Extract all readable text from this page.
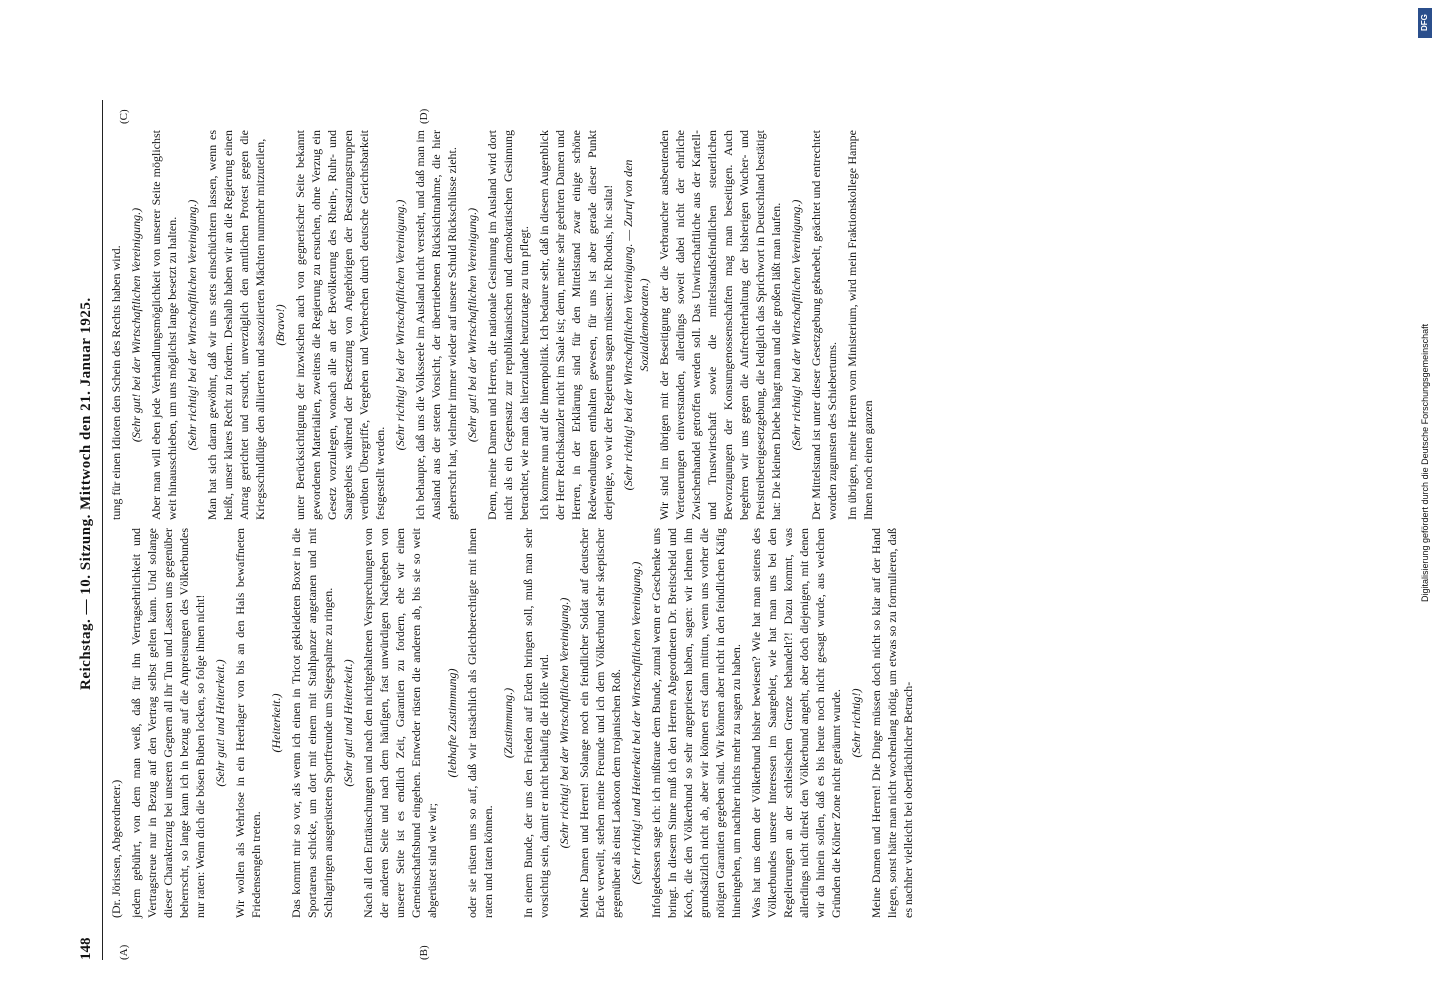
148
Reichstag. — 10. Sitzung. Mittwoch den 21. Januar 1925.
(A)	(B)
(C)	(D)

(Dr. Jörissen, Abgeordneter.) jedem gebührt, von dem man weiß, daß für ihn Vertragsehrlichkeit und Vertragstreue nur in Bezug auf den Vertrag selbst gelten kann. Und solange dieser Charakterzug bei unseren Gegnern all ihr Tun und Lassen uns gegenüber beherrscht, so lange kann ich in bezug auf die Anpreisungen des Völkerbundes nur raten: Wenn dich die bösen Buben locken, so folge ihnen nicht! (Sehr gut! und Heiterkeit.) Wir wollen als Wehrlose in ein Heerlager von bis an den Hals bewaffneten Friedensengeln treten.

(Heiterkeit.) Das kommt mir so vor, als wenn ich einen in Tricot gekleideten Boxer in die Sportarena schicke, um dort mit einem mit Stahlpanzer angetanen und mit Schlagringen ausgerüsteten Sportfreunde um Siegespalme zu ringen. (Sehr gut! und Heiterkeit.) Nach all den Enttäuschungen und nach den nichtgehaltenen Versprechungen von der anderen Seite und nach dem häufigen, fast unwürdigen Nachgeben von unserer Seite ist es endlich Zeit, Garantien zu fordern, ehe wir einen Gemeinschaftsbund eingehen. Entweder rüsten die anderen ab, bis sie so weit abgerüstet sind wie wir;

(lebhafte Zustimmung) oder sie rüsten uns so auf, daß wir tatsächlich als Gleichberechtigte mit ihnen raten und taten können.

(Zustimmung.) In einem Bunde, der uns den Frieden auf Erden bringen soll, muß man sehr vorsichtig sein, damit er nicht beiläufig die Hölle wird. (Sehr richtig! bei der Wirtschaftlichen Vereinigung.) Meine Damen und Herren! Solange noch ein feindlicher Soldat auf deutscher Erde verweilt, stehen meine Freunde und ich dem Völkerbund sehr skeptischer gegenüber als einst Laokoon dem trojanischen Roß. (Sehr richtig! und Heiterkeit bei der Wirtschaftlichen Vereinigung.) Infolgedessen sage ich: ich mißtraue dem Bunde, zumal wenn er Geschenke uns bringt. In diesem Sinne muß ich den Herren Abgeordneten Dr. Breitscheid und Koch, die den Völkerbund so sehr angepriesen haben, sagen: wir lehnen ihn grundsätzlich nicht ab, aber wir können erst dann mittun, wenn uns vorher die nötigen Garantien gegeben sind. Wir können aber nicht in den feindlichen Käfig hineingehen, um nachher nichts mehr zu sagen zu haben. Was hat uns denn der Völkerbund bisher bewiesen? Wie hat man seitens des Völkerbundes unsere Interessen im Saargebiet, wie hat man uns bei den Regelierungen an der schlesischen Grenze behandelt?! Dazu kommt, was allerdings nicht direkt den Völkerbund angeht, aber doch diejenigen, mit denen wir da hinein sollen, daß es bis heute noch nicht gesagt wurde, aus welchen Gründen die Kölner Zone nicht geräumt wurde. (Sehr richtig!) Meine Damen und Herren! Die Dinge müssen doch nicht so klar auf der Hand liegen, sonst hätte man nicht wochenlang nötig, um etwas so zu formulieren, daß es nachher vielleicht bei oberflächlicher Betrach-

tung für einen Idioten den Schein des Rechts haben wird. (Sehr gut! bei der Wirtschaftlichen Vereinigung.) Aber man will eben jede Verhandlungsmöglichkeit von unserer Seite möglichst weit hinausschieben, um uns möglichst lange besetzt zu halten. (Sehr richtig! bei der Wirtschaftlichen Vereinigung.) Man hat sich daran gewöhnt, daß wir uns stets einschüchtern lassen, wenn es heißt, unser klares Recht zu fordern. Deshalb haben wir an die Regierung einen Antrag gerichtet und ersucht, unverzüglich den amtlichen Protest gegen die Kriegsschuldlüge den alliierten und assoziierten Mächten nunmehr mitzuteilen, (Bravo!) unter Berücksichtigung der inzwischen auch von gegnerischer Seite bekannt gewordenen Materialien, zweitens die Regierung zu ersuchen, ohne Verzug ein Gesetz vorzulegen, wonach alle an der Bevölkerung des Rhein-, Ruhr- und Saargebiets während der Besetzung von Angehörigen der Besatzungstruppen verübten Übergriffe, Vergehen und Verbrechen durch deutsche Gerichtsbarkeit festgestellt werden.

(Sehr richtig! bei der Wirtschaftlichen Vereinigung.) Ich behaupte, daß uns die Volksseele im Ausland nicht versteht, und daß man im Ausland aus der steten Vorsicht, der übertriebenen Rücksichtnahme, die hier geherrscht hat, vielmehr immer wieder auf unsere Schuld Rückschlüsse zieht. (Sehr gut! bei der Wirtschaftlichen Vereinigung.) Denn, meine Damen und Herren, die nationale Gesinnung im Ausland wird dort nicht als ein Gegensatz zur republikanischen und demokratischen Gesinnung betrachtet, wie man das hierzulande heutzutage zu tun pflegt. Ich komme nun auf die Innenpolitik. Ich bedaure sehr, daß in diesem Augenblick der Herr Reichskanzler nicht im Saale ist; denn, meine sehr geehrten Damen und Herren, in der Erklärung sind für den Mittelstand zwar einige schöne Redewendungen enthalten gewesen, für uns ist aber gerade dieser Punkt derjenige, wo wir der Regierung sagen müssen: hic Rhodus, hic salta! (Sehr richtig! bei der Wirtschaftlichen Vereinigung. — Zuruf von den Sozialdemokraten.) Wir sind im übrigen mit der Beseitigung der die Verbraucher ausbeutenden Verteuerungen einverstanden, allerdings soweit dabei nicht der ehrliche Zwischenhandel getroffen werden soll. Das Unwirtschaftliche aus der Kartell- und Trustwirtschaft sowie die mittelstandsfeindlichen steuerlichen Bevorzugungen der Konsumgenossenschaften mag man beseitigen. Auch begehren wir uns gegen die Aufrechterhaltung der bisherigen Wucher- und Preistreibereigesetzgebung, die lediglich das Sprichwort in Deutschland bestätigt hat: Die kleinen Diebe hängt man und die großen läßt man laufen. (Sehr richtig! bei der Wirtschaftlichen Vereinigung.) Der Mittelstand ist unter dieser Gesetzgebung geknebelt, geächtet und entrechtet worden zugunsten des Schiebertums. Im übrigen, meine Herren vom Ministerium, wird mein Fraktionskollege Hampe Ihnen noch einen ganzen

DFG
Digitalisierung gefördert durch die Deutsche Forschungsgemeinschaft
